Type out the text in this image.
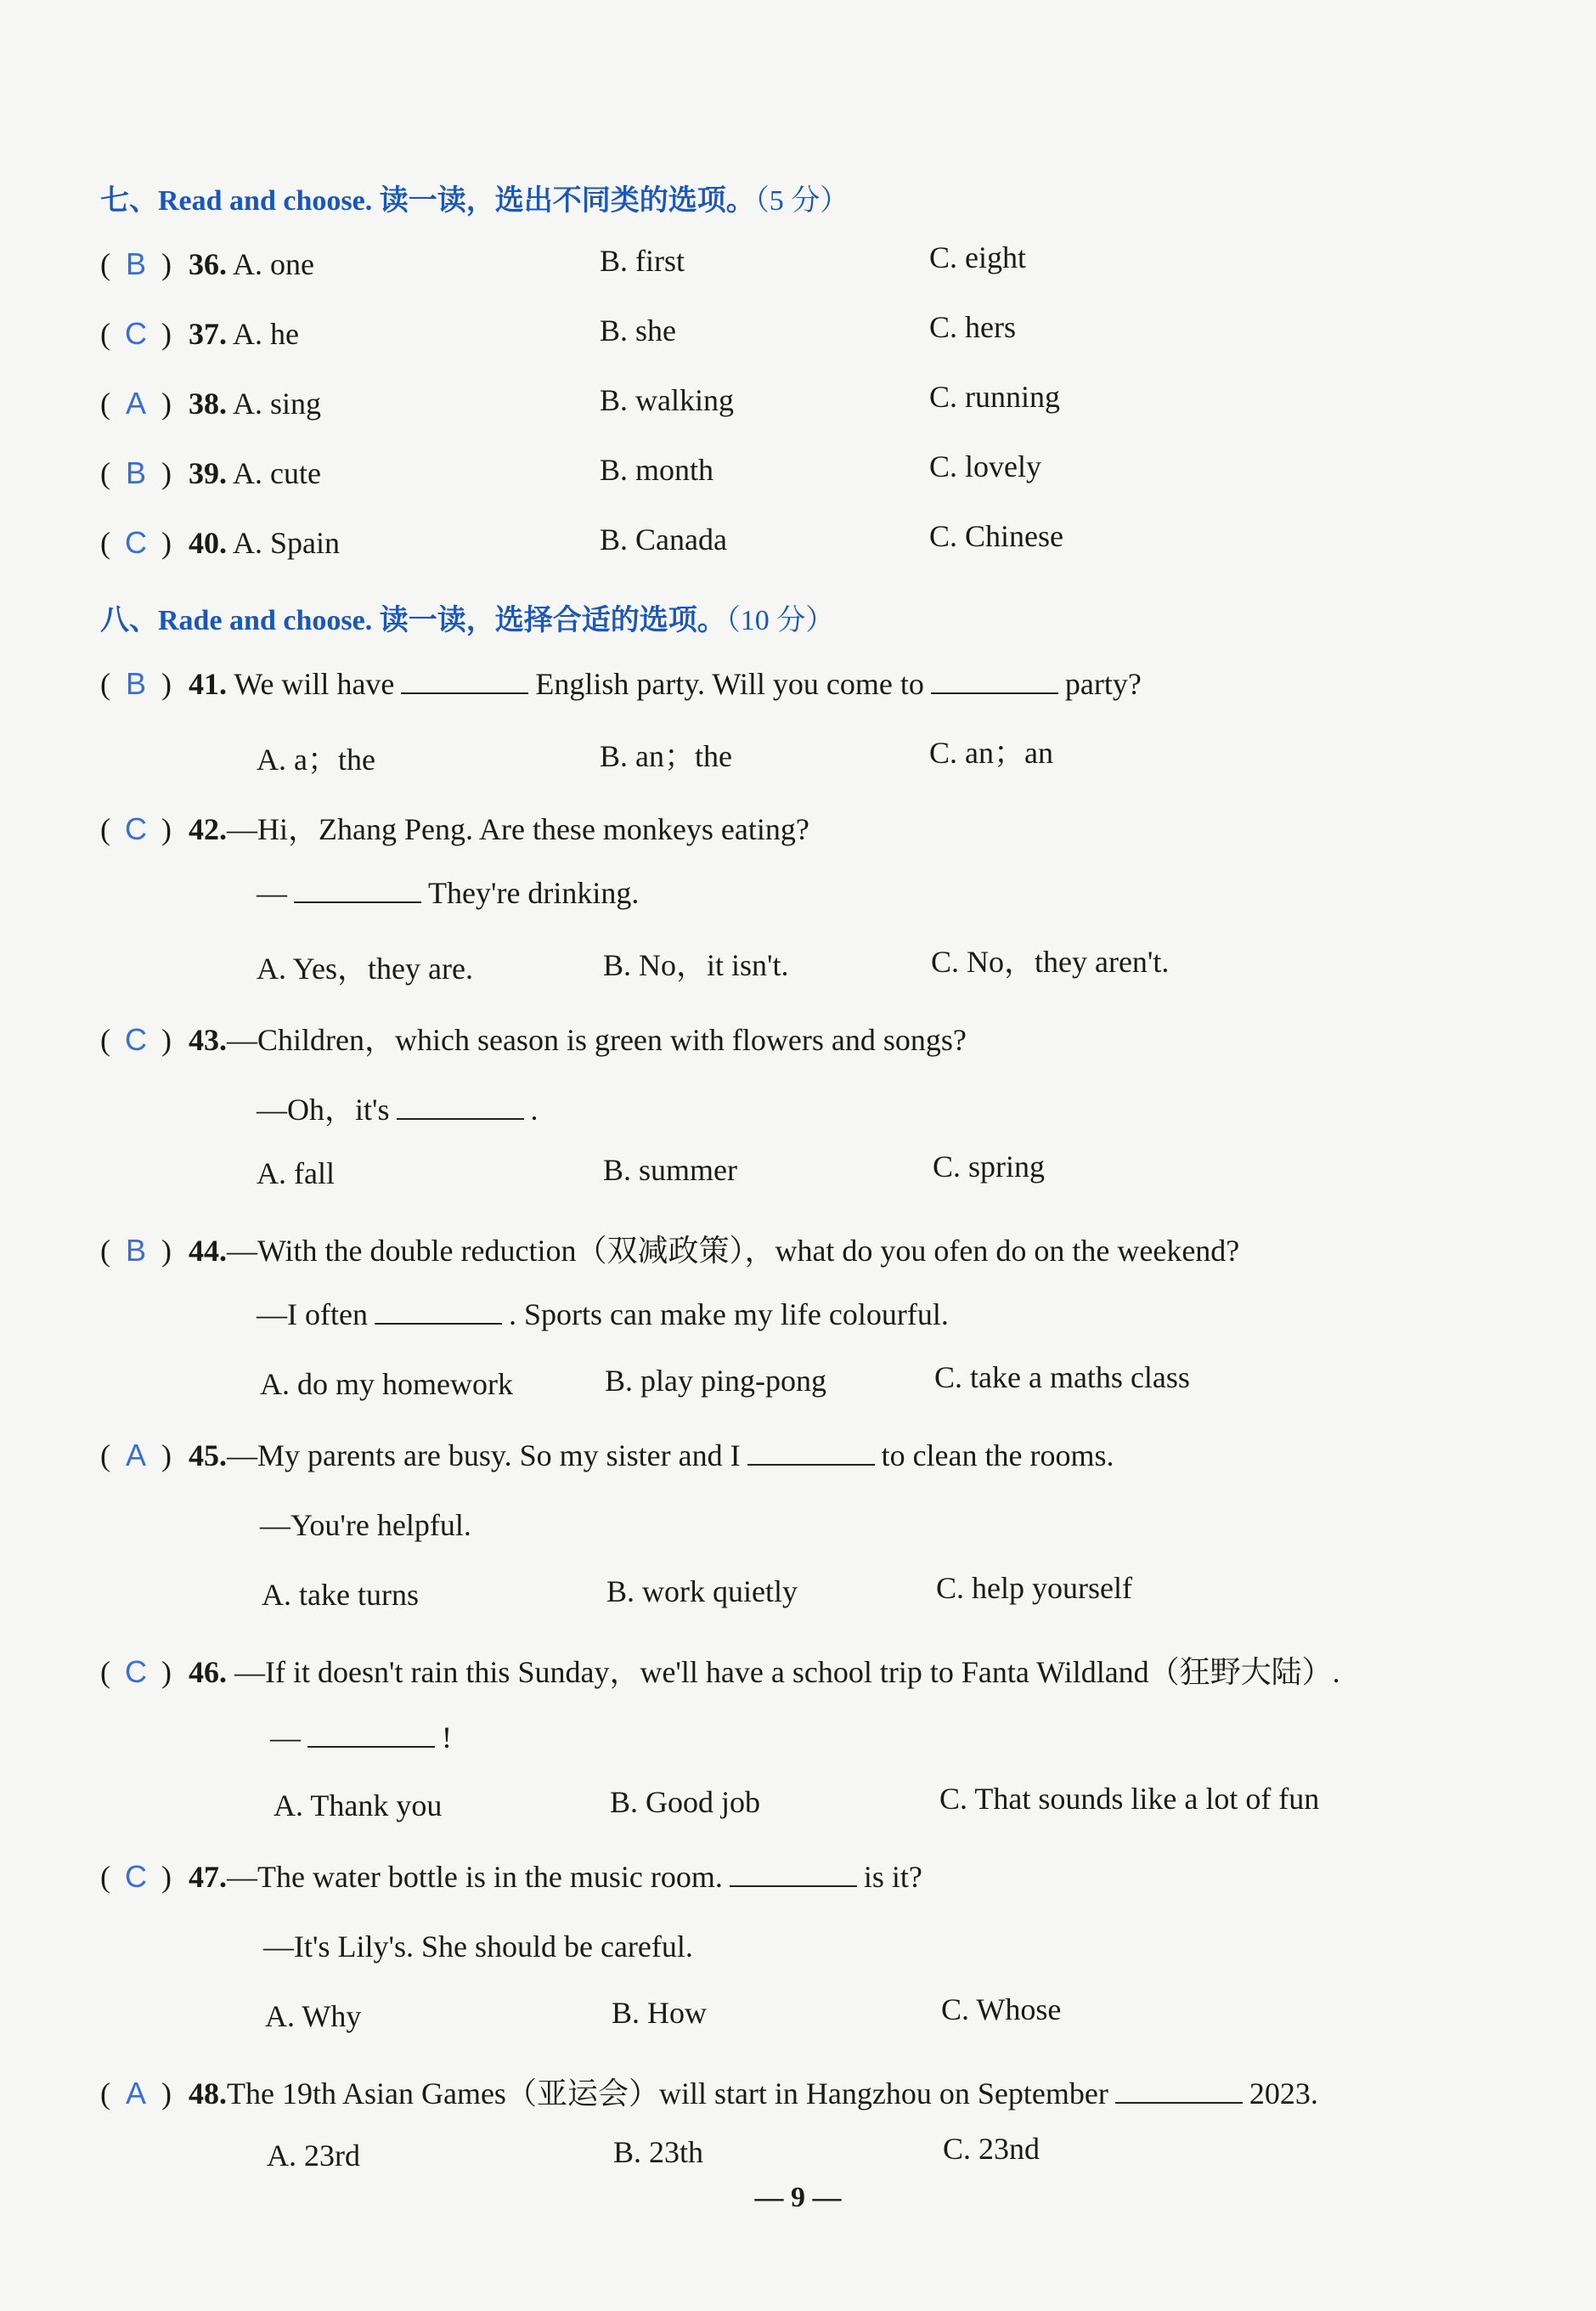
七、Read and choose. 读一读，选出不同类的选项。（5 分）
( B ) 36. A. one	B. first	C. eight
( C ) 37. A. he	B. she	C. hers
( A ) 38. A. sing	B. walking	C. running
( B ) 39. A. cute	B. month	C. lovely
( C ) 40. A. Spain	B. Canada	C. Chinese
八、Rade and choose. 读一读，选择合适的选项。（10 分）
( B ) 41. We will have	English party. Will you come to	party?
A. a；the	B. an；the	C. an；an
( C ) 42.—Hi，Zhang Peng. Are these monkeys eating?
—	They're drinking.
A. Yes，they are.	B. No，it isn't.	C. No，they aren't.
( C ) 43.—Children，which season is green with flowers and songs?
—Oh，it's	.
A. fall	B. summer	C. spring
( B ) 44.—With the double reduction（双减政策），what do you ofen do on the weekend?
—I often	. Sports can make my life colourful.
A. do my homework	B. play ping-pong	C. take a maths class
( A ) 45.—My parents are busy. So my sister and I	to clean the rooms.
—You're helpful.
A. take turns	B. work quietly	C. help yourself
( C ) 46. —If it doesn't rain this Sunday，we'll have a school trip to Fanta Wildland（狂野大陆）.
—	!
A. Thank you	B. Good job	C. That sounds like a lot of fun
( C ) 47.—The water bottle is in the music room.	is it?
—It's Lily's. She should be careful.
A. Why	B. How	C. Whose
( A ) 48.The 19th Asian Games（亚运会）will start in Hangzhou on September	2023.
A. 23rd	B. 23th	C. 23nd
— 9 —
